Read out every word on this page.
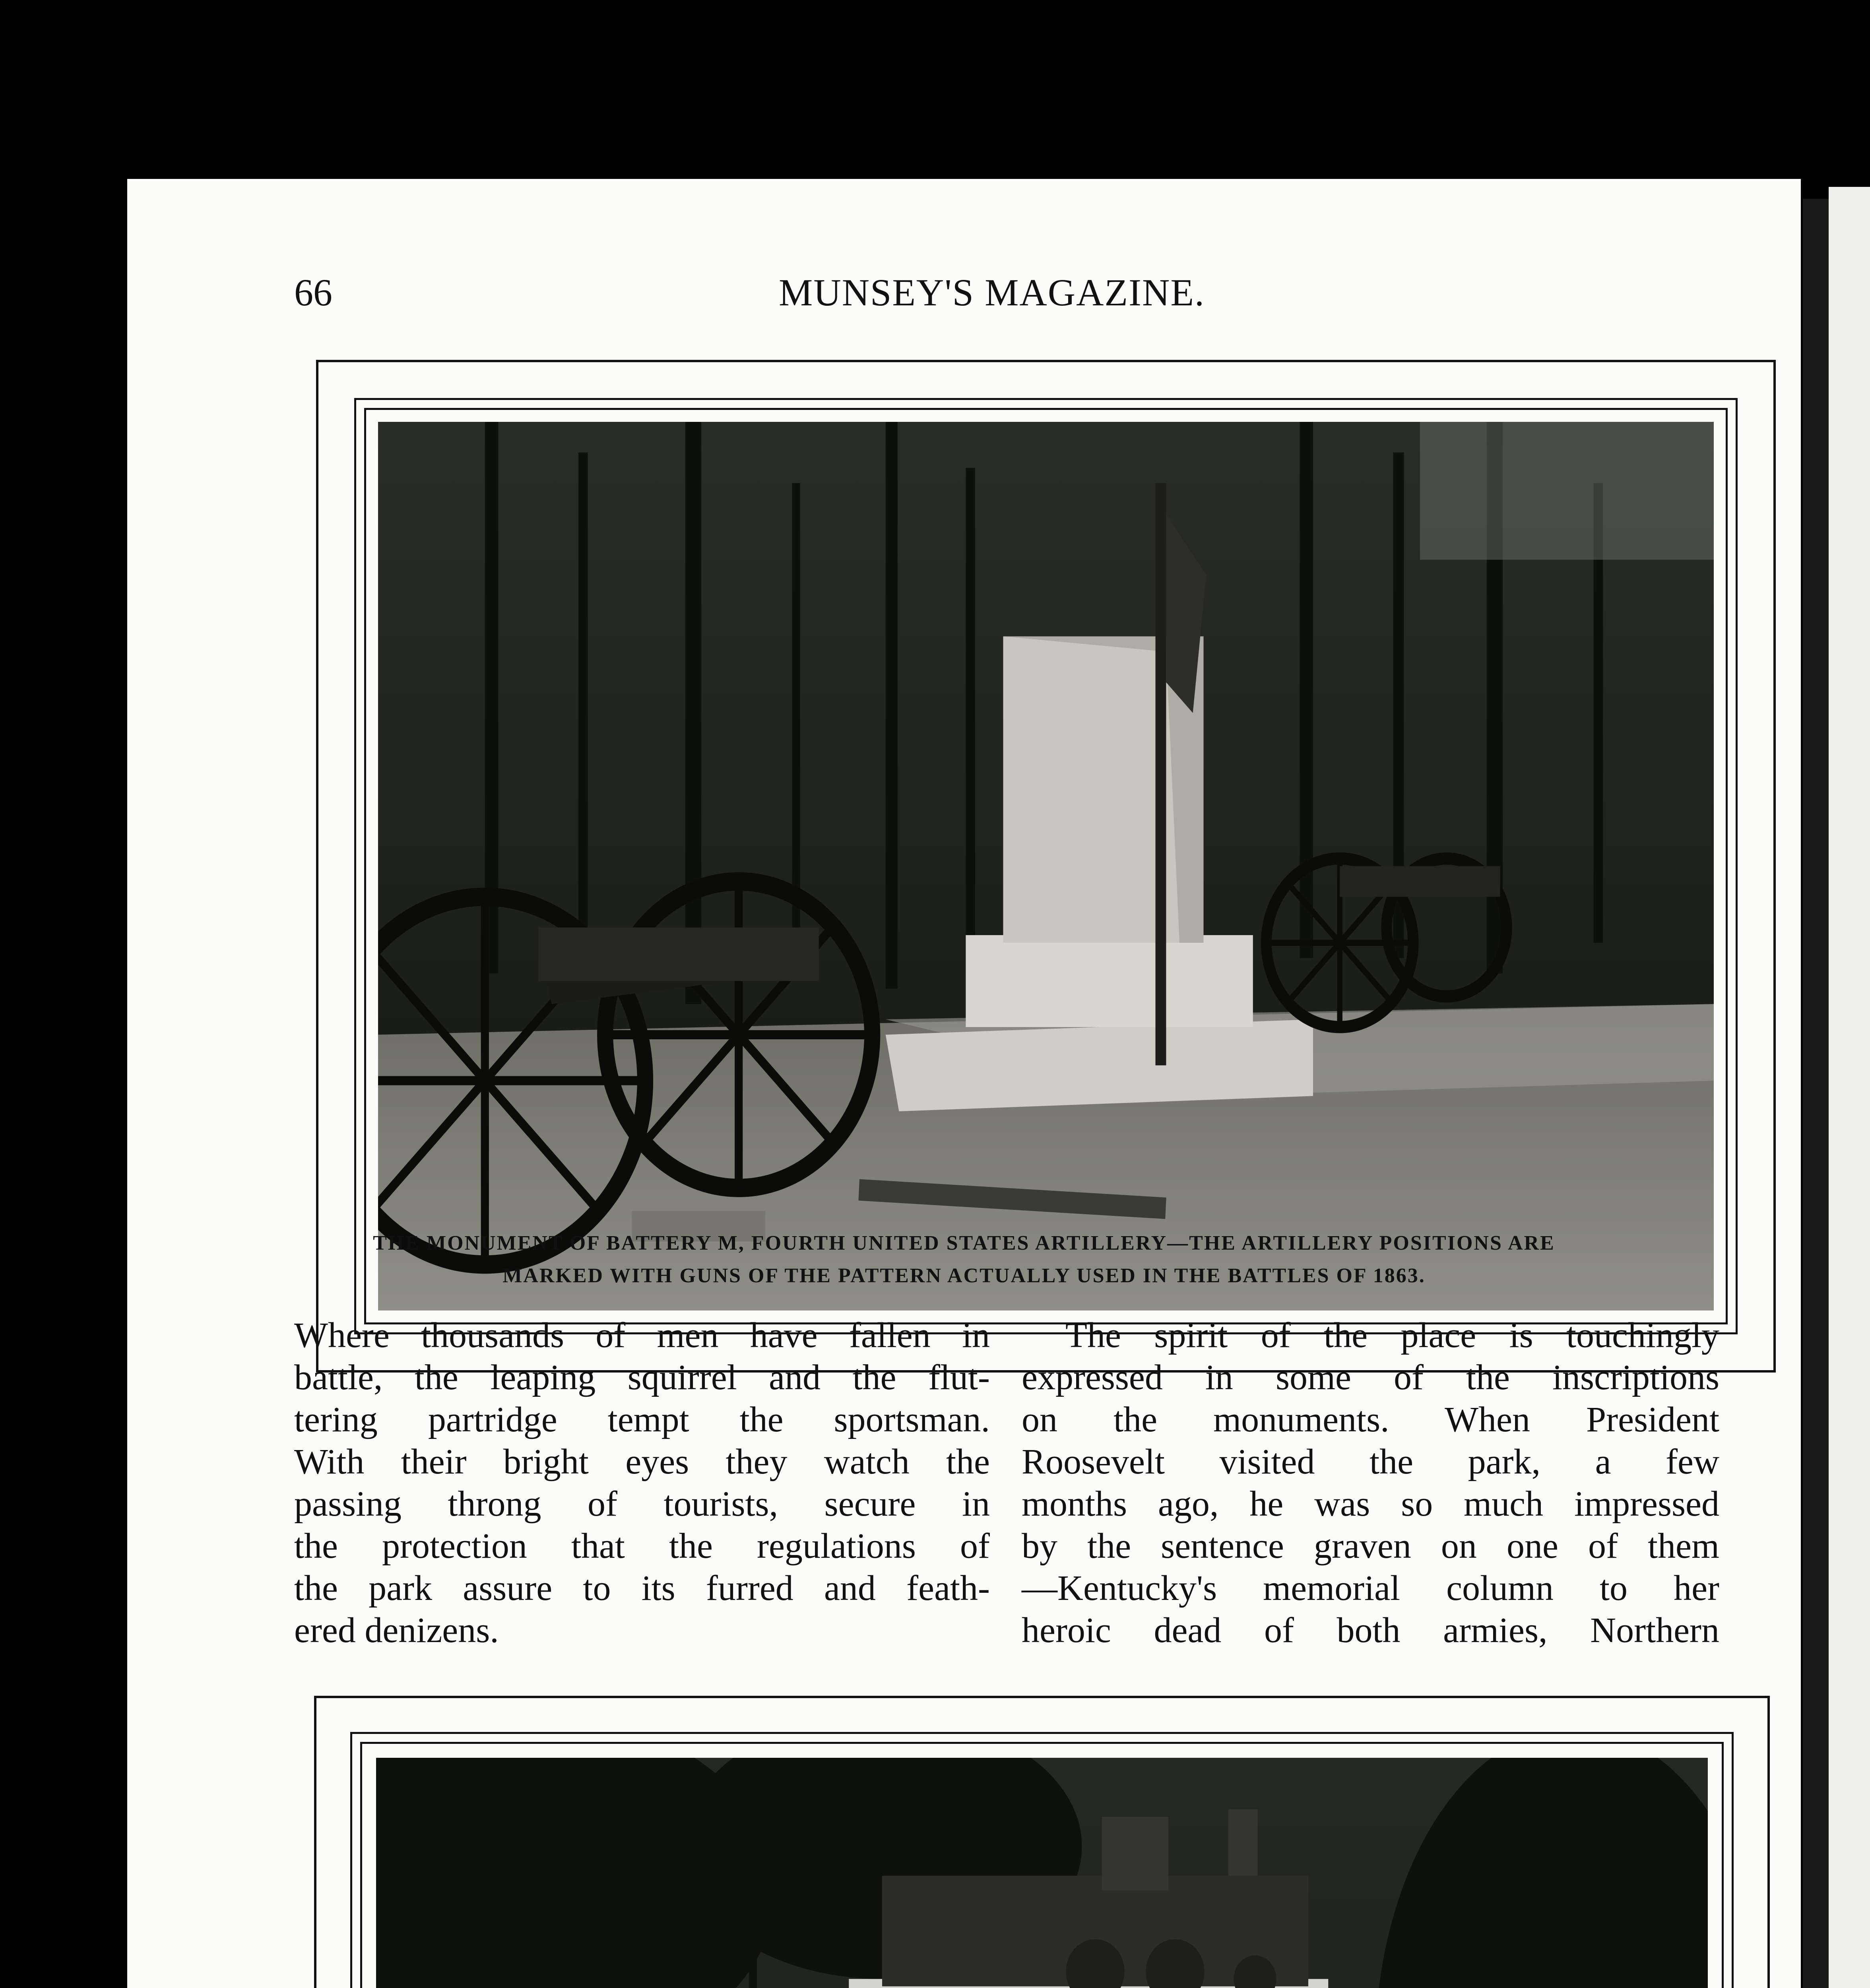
MUNSEY'S MAGAZINE.
66
THE MONUMENT OF BATTERY M, FOURTH UNITED STATES ARTILLERY—THE ARTILLERY POSITIONS ARE
MARKED WITH GUNS OF THE PATTERN ACTUALLY USED IN THE BATTLES OF 1863.
Where thousands of men have fallen in
battle, the leaping squirrel and the flut-
tering partridge tempt the sportsman.
With their bright eyes they watch the
passing throng of tourists, secure in
the protection that the regulations of
the park assure to its furred and feath-
ered denizens.
The spirit of the place is touchingly
expressed in some of the inscriptions
on the monuments. When President
Roosevelt visited the park, a few
months ago, he was so much impressed
by the sentence graven on one of them
—Kentucky's memorial column to her
heroic dead of both armies, Northern
